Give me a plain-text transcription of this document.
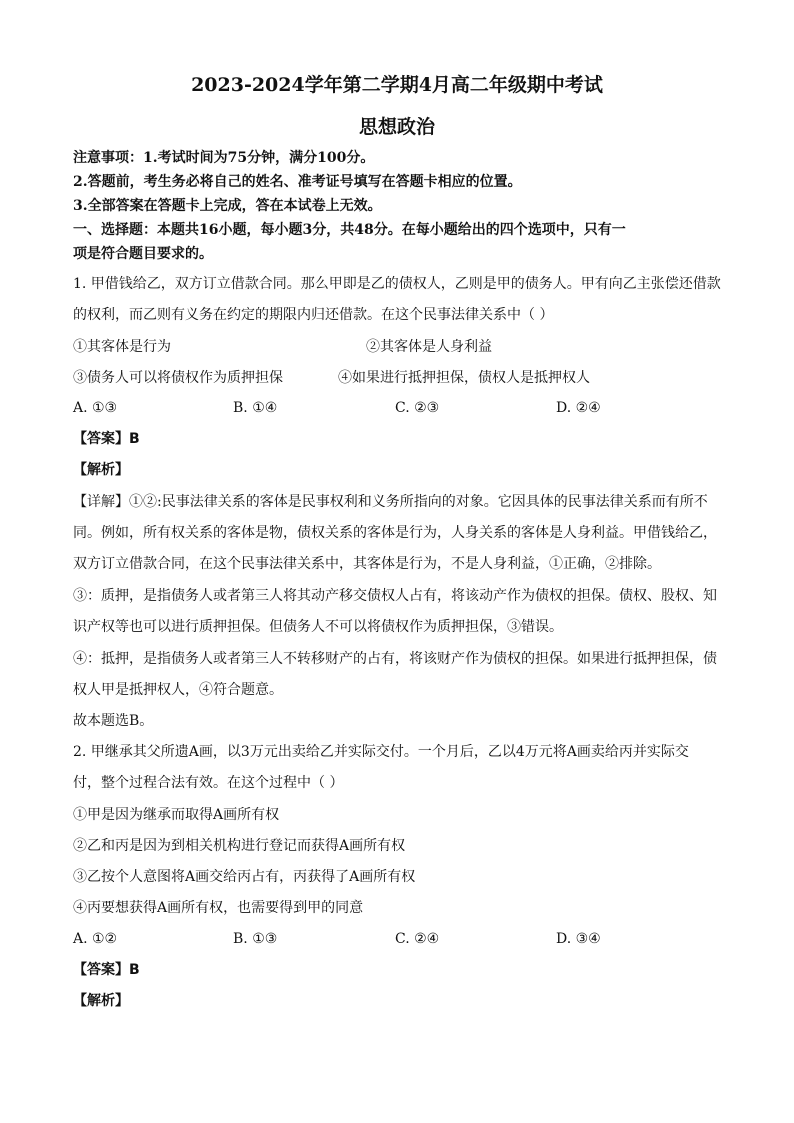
2023-2024学年第二学期4月高二年级期中考试
思想政治
注意事项：1.考试时间为75分钟，满分100分。
2.答题前，考生务必将自己的姓名、准考证号填写在答题卡相应的位置。
3.全部答案在答题卡上完成，答在本试卷上无效。
一、选择题：本题共16小题，每小题3分，共48分。在每小题给出的四个选项中，只有一
项是符合题目要求的。
1. 甲借钱给乙，双方订立借款合同。那么甲即是乙的债权人，乙则是甲的债务人。甲有向乙主张偿还借款
的权利，而乙则有义务在约定的期限内归还借款。在这个民事法律关系中（ ）
①其客体是行为	②其客体是人身利益
③债务人可以将债权作为质押担保	④如果进行抵押担保，债权人是抵押权人
A. ①③	B. ①④	C. ②③	D. ②④
【答案】B
【解析】
【详解】①②:民事法律关系的客体是民事权利和义务所指向的对象。它因具体的民事法律关系而有所不
同。例如，所有权关系的客体是物，债权关系的客体是行为，人身关系的客体是人身利益。甲借钱给乙，
双方订立借款合同，在这个民事法律关系中，其客体是行为，不是人身利益，①正确，②排除。
③：质押，是指债务人或者第三人将其动产移交债权人占有，将该动产作为债权的担保。债权、股权、知
识产权等也可以进行质押担保。但债务人不可以将债权作为质押担保，③错误。
④：抵押，是指债务人或者第三人不转移财产的占有，将该财产作为债权的担保。如果进行抵押担保，债
权人甲是抵押权人，④符合题意。
故本题选B。
2. 甲继承其父所遗A画，以3万元出卖给乙并实际交付。一个月后，乙以4万元将A画卖给丙并实际交
付，整个过程合法有效。在这个过程中（ ）
①甲是因为继承而取得A画所有权
②乙和丙是因为到相关机构进行登记而获得A画所有权
③乙按个人意图将A画交给丙占有，丙获得了A画所有权
④丙要想获得A画所有权，也需要得到甲的同意
A. ①②	B. ①③	C. ②④	D. ③④
【答案】B
【解析】
